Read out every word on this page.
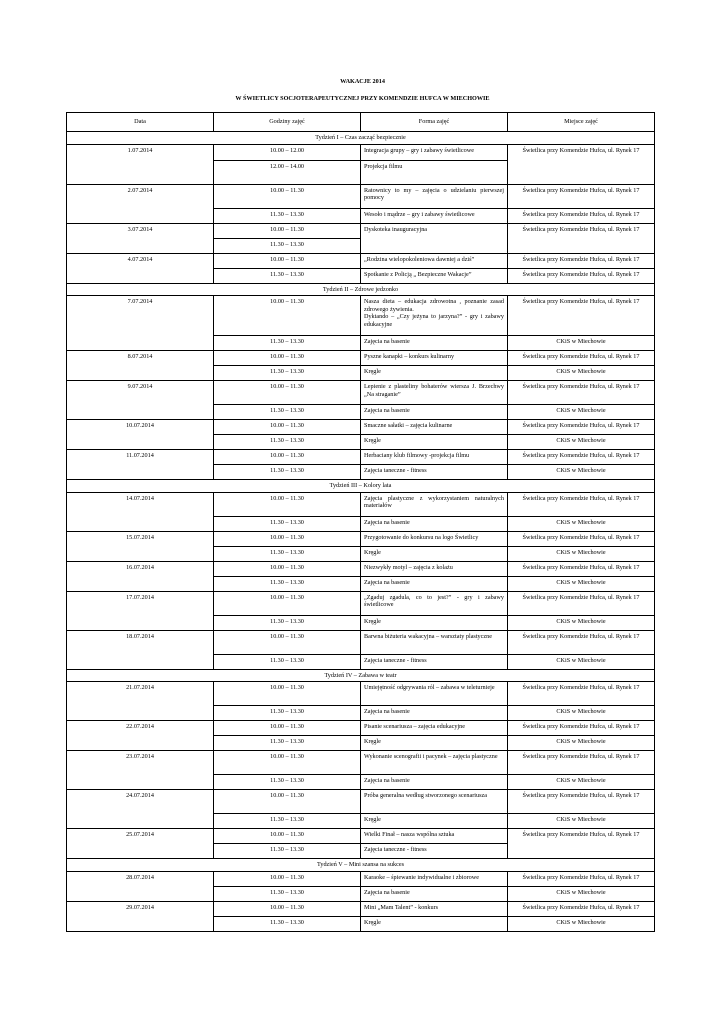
WAKACJE 2014
W ŚWIETLICY SOCJOTERAPEUTYCZNEJ PRZY KOMENDZIE HUFCA W MIECHOWIE
Data	Godziny zajęć	Forma zajęć	Miejsce zajęć
Tydzień I – Czas zacząć bezpiecznie			
1.07.2014	10.00 – 12.00	Integracja grupy – gry i zabawy świetlicowe	Świetlica przy Komendzie Hufca, ul. Rynek 17
	12.00 – 14.00	Projekcja filmu	
2.07.2014	10.00 – 11.30	Ratownicy to my – zajęcia o udzielaniu pierwszej pomocy	Świetlica przy Komendzie Hufca, ul. Rynek 17
	11.30 – 13.30	Wesoło i mądrze – gry i zabawy świetlicowe	Świetlica przy Komendzie Hufca, ul. Rynek 17
3.07.2014	10.00 – 11.30	Dyskoteka inauguracyjna	Świetlica przy Komendzie Hufca, ul. Rynek 17
	11.30 – 13.30		
4.07.2014	10.00 – 11.30	„Rodzina wielopokoleniowa dawniej a dziś”	Świetlica przy Komendzie Hufca, ul. Rynek 17
	11.30 – 13.30	Spotkanie z Policją „ Bezpieczne Wakacje”	Świetlica przy Komendzie Hufca, ul. Rynek 17
Tydzień II – Zdrowe jedzonko			
7.07.2014	10.00 – 11.30	Nasza dieta – edukacja zdrowotna , poznanie zasad zdrowego żywienia.
Dyktando – „Czy jeżyna to jarzyna?” - gry i zabawy edukacyjne	Świetlica przy Komendzie Hufca, ul. Rynek 17
	11.30 – 13.30	Zajęcia na basenie	CKiS w Miechowie
8.07.2014	10.00 – 11.30	Pyszne kanapki – konkurs kulinarny	Świetlica przy Komendzie Hufca, ul. Rynek 17
	11.30 – 13.30	Kręgle	CKiS w Miechowie
9.07.2014	10.00 – 11.30	Lepienie z plasteliny bohaterów wiersza J. Brzechwy „Na straganie”	Świetlica przy Komendzie Hufca, ul. Rynek 17
	11.30 – 13.30	Zajęcia na basenie	CKiS w Miechowie
10.07.2014	10.00 – 11.30	Smaczne sałatki – zajęcia kulinarne	Świetlica przy Komendzie Hufca, ul. Rynek 17
	11.30 – 13.30	Kręgle	CKiS w Miechowie
11.07.2014	10.00 – 11.30	Herbaciany klub filmowy -projekcja filmu	Świetlica przy Komendzie Hufca, ul. Rynek 17
	11.30 – 13.30	Zajęcia taneczne - fitness	CKiS w Miechowie
Tydzień III – Kolory lata			
14.07.2014	10.00 – 11.30	Zajęcia plastyczne z wykorzystaniem naturalnych materiałów	Świetlica przy Komendzie Hufca, ul. Rynek 17
	11.30 – 13.30	Zajęcia na basenie	CKiS w Miechowie
15.07.2014	10.00 – 11.30	Przygotowanie do konkursu na logo Świetlicy	Świetlica przy Komendzie Hufca, ul. Rynek 17
	11.30 – 13.30	Kręgle	CKiS w Miechowie
16.07.2014	10.00 – 11.30	Niezwykły motyl – zajęcia z kolażu	Świetlica przy Komendzie Hufca, ul. Rynek 17
	11.30 – 13.30	Zajęcia na basenie	CKiS w Miechowie
17.07.2014	10.00 – 11.30	„Zgaduj zgadula, co to jest?” - gry i zabawy świetlicowe	Świetlica przy Komendzie Hufca, ul. Rynek 17
	11.30 – 13.30	Kręgle	CKiS w Miechowie
18.07.2014	10.00 – 11.30	Barwna biżuteria wakacyjna – warsztaty plastyczne	Świetlica przy Komendzie Hufca, ul. Rynek 17
	11.30 – 13.30	Zajęcia taneczne - fitness	CKiS w Miechowie
Tydzień IV – Zabawa w teatr			
21.07.2014	10.00 – 11.30	Umiejętność odgrywania ról – zabawa w teleturnieje	Świetlica przy Komendzie Hufca, ul. Rynek 17
	11.30 – 13.30	Zajęcia na basenie	CKiS w Miechowie
22.07.2014	10.00 – 11.30	Pisanie scenariusza – zajęcia edukacyjne	Świetlica przy Komendzie Hufca, ul. Rynek 17
	11.30 – 13.30	Kręgle	CKiS w Miechowie
23.07.2014	10.00 – 11.30	Wykonanie scenografii i pacynek – zajęcia plastyczne	Świetlica przy Komendzie Hufca, ul. Rynek 17
	11.30 – 13.30	Zajęcia na basenie	CKiS w Miechowie
24.07.2014	10.00 – 11.30	Próba generalna według stworzonego scenariusza	Świetlica przy Komendzie Hufca, ul. Rynek 17
	11.30 – 13.30	Kręgle	CKiS w Miechowie
25.07.2014	10.00 – 11.30	Wielki Finał – nasza wspólna sztuka	Świetlica przy Komendzie Hufca, ul. Rynek 17
	11.30 – 13.30	Zajęcia taneczne - fitness	
Tydzień V – Mini szansa na sukces			
28.07.2014	10.00 – 11.30	Karaoke – śpiewanie indywidualne i zbiorowe	Świetlica przy Komendzie Hufca, ul. Rynek 17
	11.30 – 13.30	Zajęcia na basenie	CKiS w Miechowie
29.07.2014	10.00 – 11.30	Mini „Mam Talent” - konkurs	Świetlica przy Komendzie Hufca, ul. Rynek 17
	11.30 – 13.30	Kręgle	CKiS w Miechowie
